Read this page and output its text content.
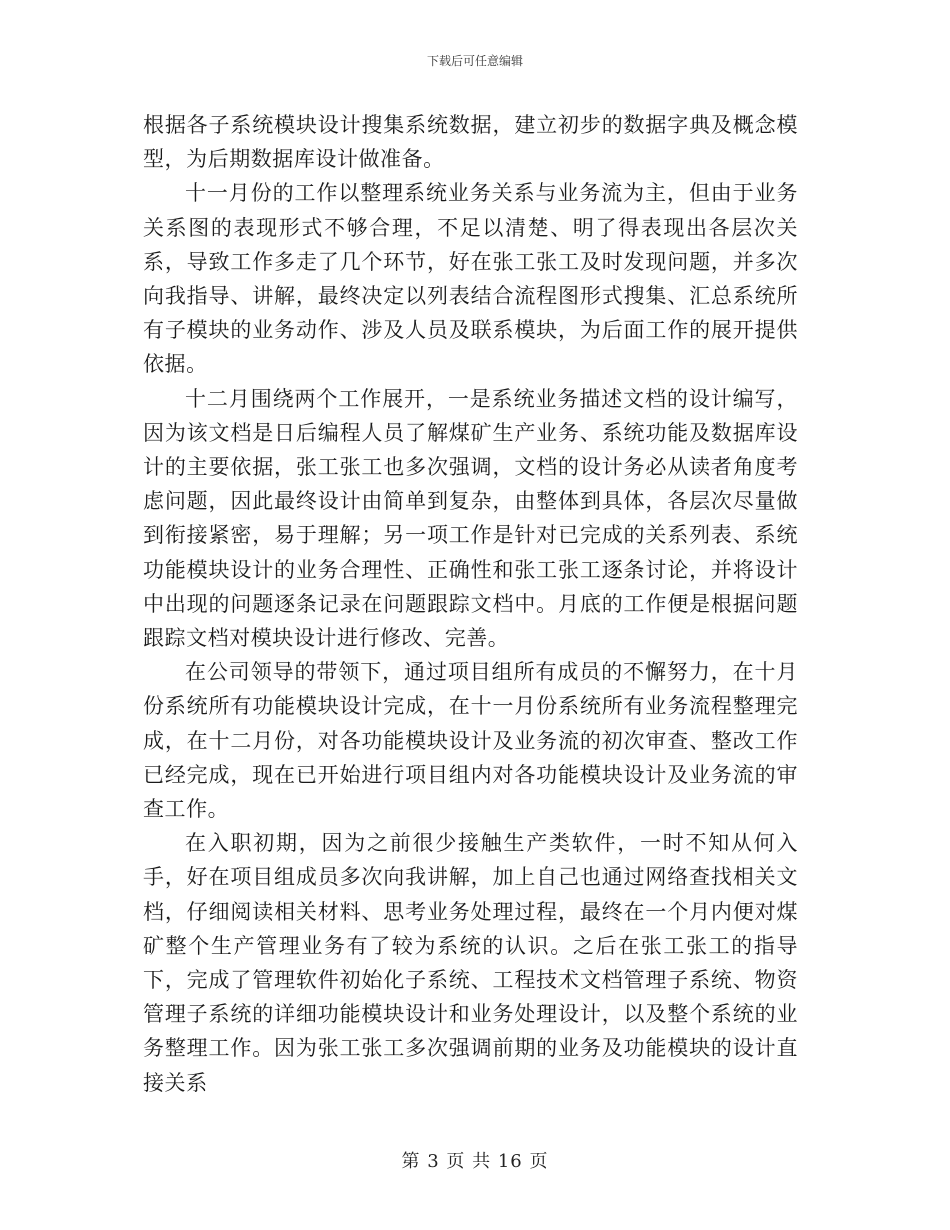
下载后可任意编辑

根据各子系统模块设计搜集系统数据，建立初步的数据字典及概念模型，为后期数据库设计做准备。

十一月份的工作以整理系统业务关系与业务流为主，但由于业务关系图的表现形式不够合理，不足以清楚、明了得表现出各层次关系，导致工作多走了几个环节，好在张工张工及时发现问题，并多次向我指导、讲解，最终决定以列表结合流程图形式搜集、汇总系统所有子模块的业务动作、涉及人员及联系模块，为后面工作的展开提供依据。

十二月围绕两个工作展开，一是系统业务描述文档的设计编写，因为该文档是日后编程人员了解煤矿生产业务、系统功能及数据库设计的主要依据，张工张工也多次强调，文档的设计务必从读者角度考虑问题，因此最终设计由简单到复杂，由整体到具体，各层次尽量做到衔接紧密，易于理解；另一项工作是针对已完成的关系列表、系统功能模块设计的业务合理性、正确性和张工张工逐条讨论，并将设计中出现的问题逐条记录在问题跟踪文档中。月底的工作便是根据问题跟踪文档对模块设计进行修改、完善。

在公司领导的带领下，通过项目组所有成员的不懈努力，在十月份系统所有功能模块设计完成，在十一月份系统所有业务流程整理完成，在十二月份，对各功能模块设计及业务流的初次审查、整改工作已经完成，现在已开始进行项目组内对各功能模块设计及业务流的审查工作。

在入职初期，因为之前很少接触生产类软件，一时不知从何入手，好在项目组成员多次向我讲解，加上自己也通过网络查找相关文档，仔细阅读相关材料、思考业务处理过程，最终在一个月内便对煤矿整个生产管理业务有了较为系统的认识。之后在张工张工的指导下，完成了管理软件初始化子系统、工程技术文档管理子系统、物资管理子系统的详细功能模块设计和业务处理设计，以及整个系统的业务整理工作。因为张工张工多次强调前期的业务及功能模块的设计直接关系

第 3 页 共 16 页
